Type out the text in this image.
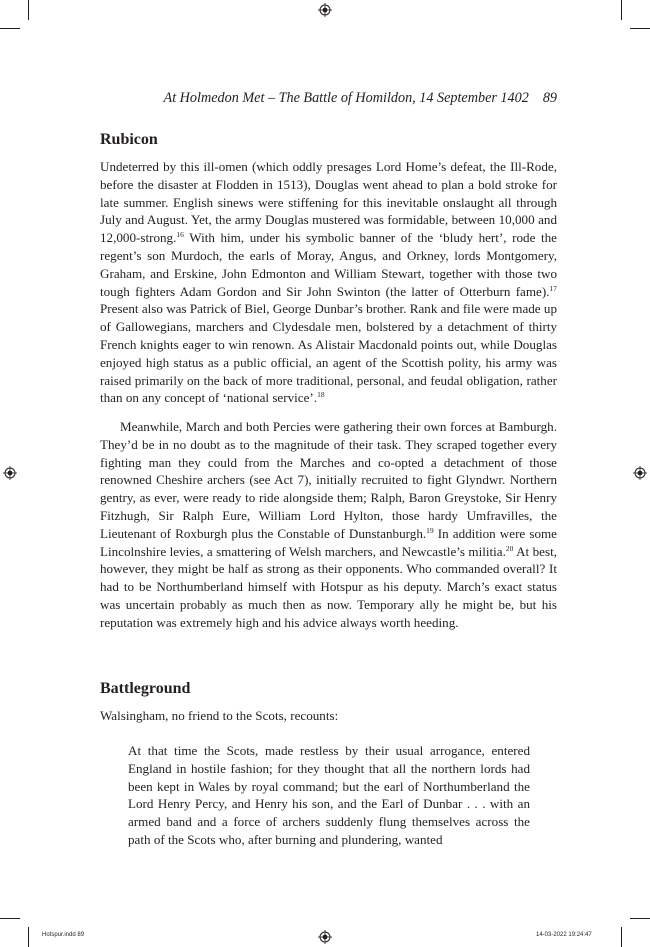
At Holmedon Met – The Battle of Homildon, 14 September 1402 89
Rubicon

Undeterred by this ill-omen (which oddly presages Lord Home’s defeat, the Ill-Rode, before the disaster at Flodden in 1513), Douglas went ahead to plan a bold stroke for late summer. English sinews were stiffening for this inevitable onslaught all through July and August. Yet, the army Douglas mustered was formidable, between 10,000 and 12,000-strong.$^{16}$ With him, under his symbolic banner of the ‘bludy hert’, rode the regent’s son Murdoch, the earls of Moray, Angus, and Orkney, lords Montgomery, Graham, and Erskine, John Edmonton and William Stewart, together with those two tough fighters Adam Gordon and Sir John Swinton (the latter of Otterburn fame).$^{17}$ Present also was Patrick of Biel, George Dunbar’s brother. Rank and file were made up of Gallowegians, marchers and Clydesdale men, bolstered by a detachment of thirty French knights eager to win renown. As Alistair Macdonald points out, while Douglas enjoyed high status as a public official, an agent of the Scottish polity, his army was raised primarily on the back of more traditional, personal, and feudal obligation, rather than on any concept of ‘national service’.$^{18}$

Meanwhile, March and both Percies were gathering their own forces at Bamburgh. They’d be in no doubt as to the magnitude of their task. They scraped together every fighting man they could from the Marches and co-opted a detachment of those renowned Cheshire archers (see Act 7), initially recruited to fight Glyndwr. Northern gentry, as ever, were ready to ride alongside them; Ralph, Baron Greystoke, Sir Henry Fitzhugh, Sir Ralph Eure, William Lord Hylton, those hardy Umfravilles, the Lieutenant of Roxburgh plus the Constable of Dunstanburgh.$^{19}$ In addition were some Lincolnshire levies, a smattering of Welsh marchers, and Newcastle’s militia.$^{20}$ At best, however, they might be half as strong as their opponents. Who commanded overall? It had to be Northumberland himself with Hotspur as his deputy. March’s exact status was uncertain probably as much then as now. Temporary ally he might be, but his reputation was extremely high and his advice always worth heeding.

Battleground

Walsingham, no friend to the Scots, recounts:

At that time the Scots, made restless by their usual arrogance, entered England in hostile fashion; for they thought that all the northern lords had been kept in Wales by royal command; but the earl of Northumberland the Lord Henry Percy, and Henry his son, and the Earl of Dunbar . . . with an armed band and a force of archers suddenly flung themselves across the path of the Scots who, after burning and plundering, wanted

Hotspur.indd 89	14-03-2022 19:24:47
